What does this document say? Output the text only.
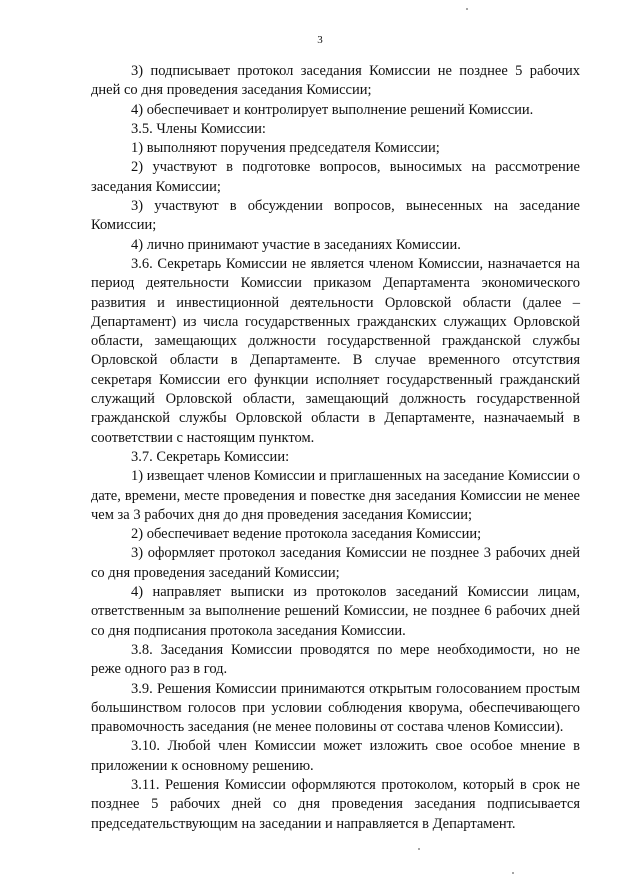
3

3) подписывает протокол заседания Комиссии не позднее 5 рабочих дней со дня проведения заседания Комиссии;

4) обеспечивает и контролирует выполнение решений Комиссии.

3.5. Члены Комиссии:

1) выполняют поручения председателя Комиссии;

2) участвуют в подготовке вопросов, выносимых на рассмотрение заседания Комиссии;

3) участвуют в обсуждении вопросов, вынесенных на заседание Комиссии;

4) лично принимают участие в заседаниях Комиссии.

3.6. Секретарь Комиссии не является членом Комиссии, назначается на период деятельности Комиссии приказом Департамента экономического развития и инвестиционной деятельности Орловской области (далее – Департамент) из числа государственных гражданских служащих Орловской области, замещающих должности государственной гражданской службы Орловской области в Департаменте. В случае временного отсутствия секретаря Комиссии его функции исполняет государственный гражданский служащий Орловской области, замещающий должность государственной гражданской службы Орловской области в Департаменте, назначаемый в соответствии с настоящим пунктом.

3.7. Секретарь Комиссии:

1) извещает членов Комиссии и приглашенных на заседание Комиссии о дате, времени, месте проведения и повестке дня заседания Комиссии не менее чем за 3 рабочих дня до дня проведения заседания Комиссии;

2) обеспечивает ведение протокола заседания Комиссии;

3) оформляет протокол заседания Комиссии не позднее 3 рабочих дней со дня проведения заседаний Комиссии;

4) направляет выписки из протоколов заседаний Комиссии лицам, ответственным за выполнение решений Комиссии, не позднее 6 рабочих дней со дня подписания протокола заседания Комиссии.

3.8. Заседания Комиссии проводятся по мере необходимости, но не реже одного раз в год.

3.9. Решения Комиссии принимаются открытым голосованием простым большинством голосов при условии соблюдения кворума, обеспечивающего правомочность заседания (не менее половины от состава членов Комиссии).

3.10. Любой член Комиссии может изложить свое особое мнение в приложении к основному решению.

3.11. Решения Комиссии оформляются протоколом, который в срок не позднее 5 рабочих дней со дня проведения заседания подписывается председательствующим на заседании и направляется в Департамент.
